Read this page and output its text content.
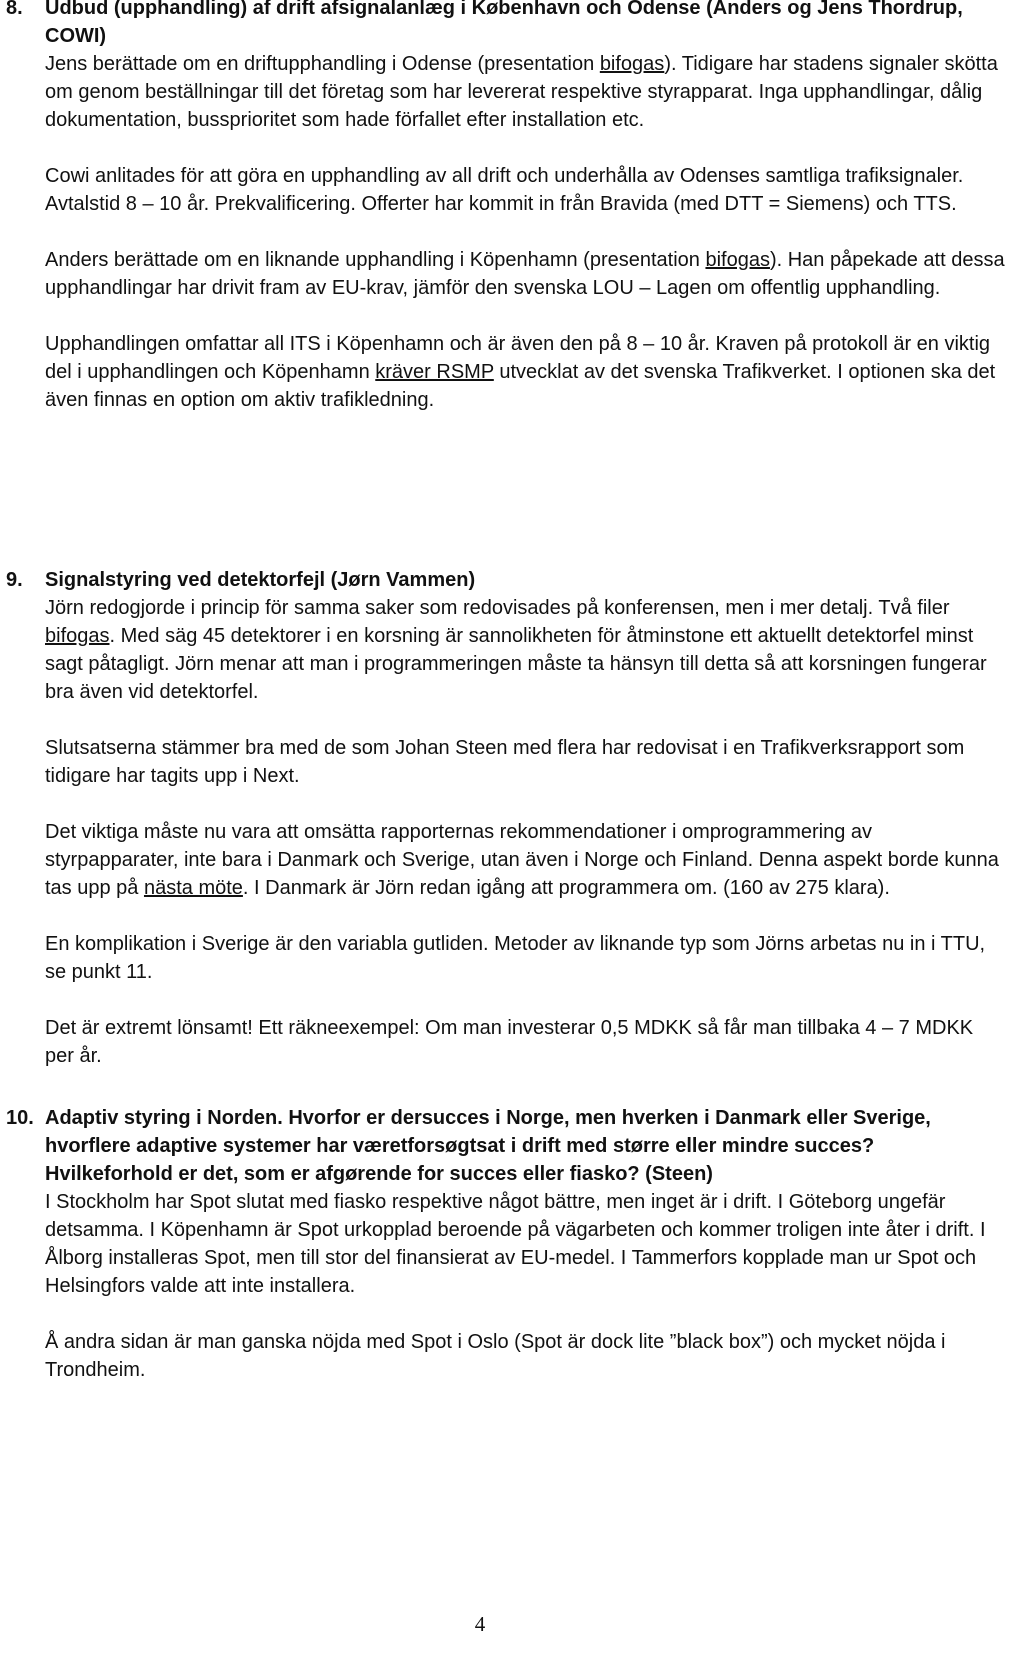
8. Udbud (upphandling) af drift afsignalanlæg i København och Odense (Anders og Jens Thordrup, COWI)

Jens berättade om en driftupphandling i Odense (presentation bifogas). Tidigare har stadens signaler skötta om genom beställningar till det företag som har levererat respektive styrapparat. Inga upphandlingar, dålig dokumentation, bussprioritet som hade förfallet efter installation etc.

Cowi anlitades för att göra en upphandling av all drift och underhålla av Odenses samtliga trafiksignaler. Avtalstid 8 – 10 år. Prekvalificering. Offerter har kommit in från Bravida (med DTT = Siemens) och TTS.

Anders berättade om en liknande upphandling i Köpenhamn (presentation bifogas). Han påpekade att dessa upphandlingar har drivit fram av EU-krav, jämför den svenska LOU – Lagen om offentlig upphandling.

Upphandlingen omfattar all ITS i Köpenhamn och är även den på 8 – 10 år. Kraven på protokoll är en viktig del i upphandlingen och Köpenhamn kräver RSMP utvecklat av det svenska Trafikverket. I optionen ska det även finnas en option om aktiv trafikledning.

9. Signalstyring ved detektorfejl (Jørn Vammen)

Jörn redogjorde i princip för samma saker som redovisades på konferensen, men i mer detalj. Två filer bifogas. Med säg 45 detektorer i en korsning är sannolikheten för åtminstone ett aktuellt detektorfel minst sagt påtagligt. Jörn menar att man i programmeringen måste ta hänsyn till detta så att korsningen fungerar bra även vid detektorfel.

Slutsatserna stämmer bra med de som Johan Steen med flera har redovisat i en Trafikverksrapport som tidigare har tagits upp i Next.

Det viktiga måste nu vara att omsätta rapporternas rekommendationer i omprogrammering av styrpapparater, inte bara i Danmark och Sverige, utan även i Norge och Finland. Denna aspekt borde kunna tas upp på nästa möte. I Danmark är Jörn redan igång att programmera om. (160 av 275 klara).

En komplikation i Sverige är den variabla gutliden. Metoder av liknande typ som Jörns arbetas nu in i TTU, se punkt 11.

Det är extremt lönsamt! Ett räkneexempel: Om man investerar 0,5 MDKK så får man tillbaka 4 – 7 MDKK per år.

10. Adaptiv styring i Norden. Hvorfor er dersucces i Norge, men hverken i Danmark eller Sverige, hvorflere adaptive systemer har væretforsøgtsat i drift med større eller mindre succes? Hvilkeforhold er det, som er afgørende for succes eller fiasko? (Steen)

I Stockholm har Spot slutat med fiasko respektive något bättre, men inget är i drift. I Göteborg ungefär detsamma. I Köpenhamn är Spot urkopplad beroende på vägarbeten och kommer troligen inte åter i drift. I Ålborg installeras Spot, men till stor del finansierat av EU-medel. I Tammerfors kopplade man ur Spot och Helsingfors valde att inte installera.

Å andra sidan är man ganska nöjda med Spot i Oslo (Spot är dock lite ”black box”) och mycket nöjda i Trondheim.

4
